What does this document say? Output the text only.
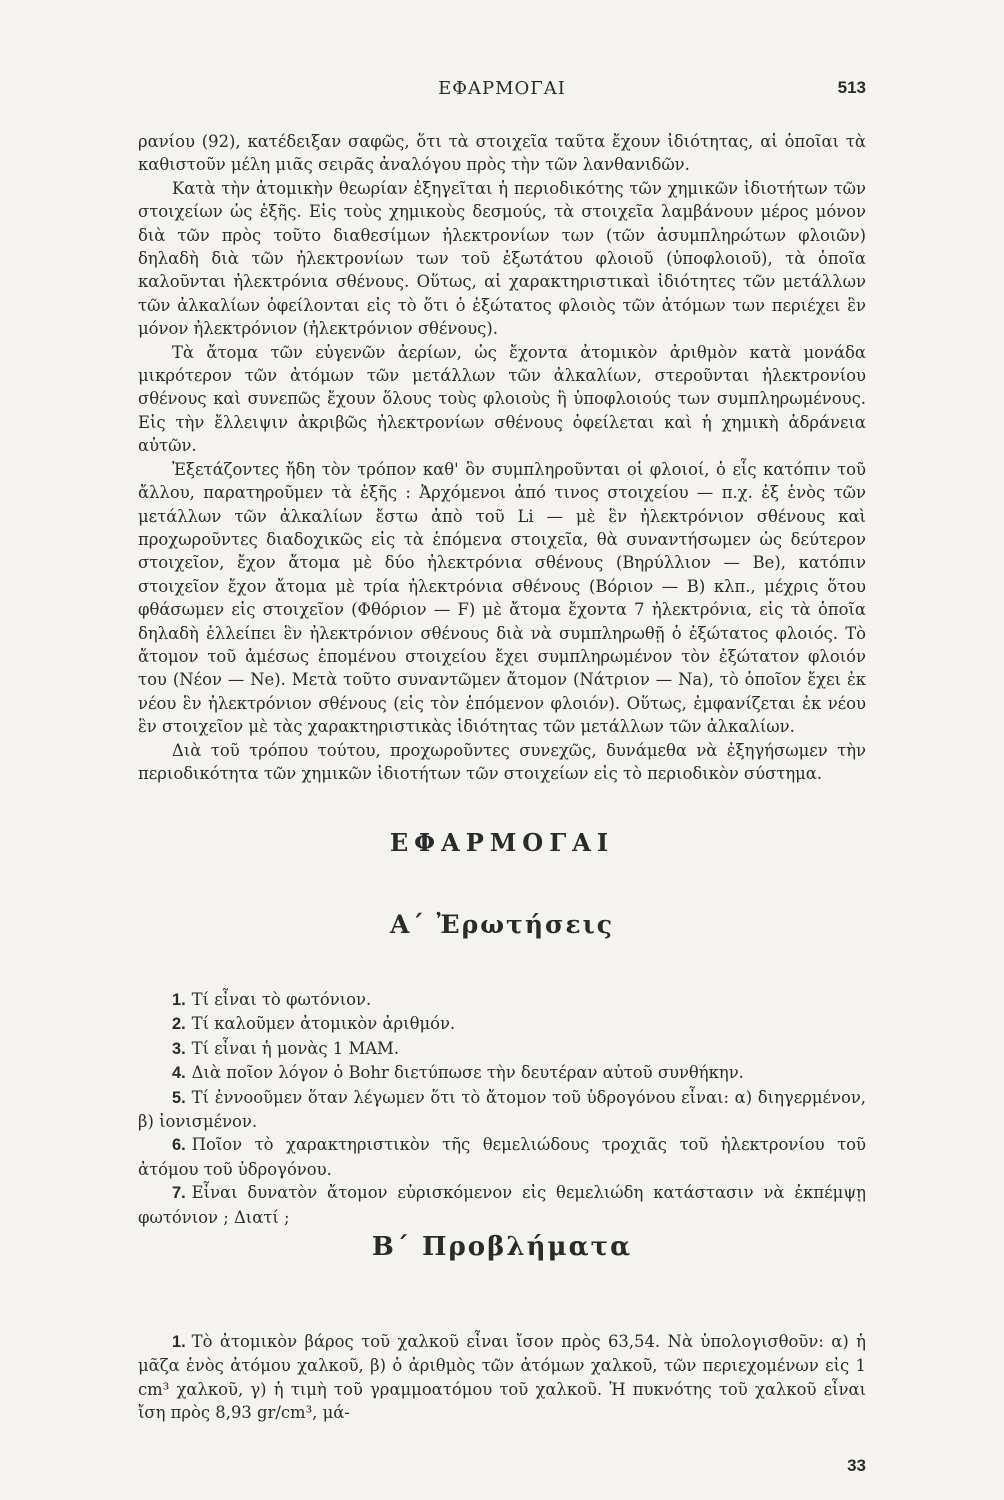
ΕΦΑΡΜΟΓΑΙ	513

ρανίου (92), κατέδειξαν σαφῶς, ὅτι τὰ στοιχεῖα ταῦτα ἔχουν ἰδιότητας, αἱ ὁποῖαι τὰ καθιστοῦν μέλη μιᾶς σειρᾶς ἀναλόγου πρὸς τὴν τῶν λανθανιδῶν.

Κατὰ τὴν ἀτομικὴν θεωρίαν ἐξηγεῖται ἡ περιοδικότης τῶν χημικῶν ἰδιοτήτων τῶν στοιχείων ὡς ἑξῆς. Εἰς τοὺς χημικοὺς δεσμούς, τὰ στοιχεῖα λαμβάνουν μέρος μόνον διὰ τῶν πρὸς τοῦτο διαθεσίμων ἠλεκτρονίων των (τῶν ἀσυμπληρώτων φλοιῶν) δηλαδὴ διὰ τῶν ἠλεκτρονίων των τοῦ ἐξωτάτου φλοιοῦ (ὑποφλοιοῦ), τὰ ὁποῖα καλοῦνται ἠλεκτρόνια σθένους. Οὕτως, αἱ χαρακτηριστικαὶ ἰδιότητες τῶν μετάλλων τῶν ἀλκαλίων ὀφείλονται εἰς τὸ ὅτι ὁ ἐξώτατος φλοιὸς τῶν ἀτόμων των περιέχει ἓν μόνον ἠλεκτρόνιον (ἠλεκτρόνιον σθένους).

Τὰ ἄτομα τῶν εὐγενῶν ἀερίων, ὡς ἔχοντα ἀτομικὸν ἀριθμὸν κατὰ μονάδα μικρότερον τῶν ἀτόμων τῶν μετάλλων τῶν ἀλκαλίων, στεροῦνται ἠλεκτρονίου σθένους καὶ συνεπῶς ἔχουν ὅλους τοὺς φλοιοὺς ἢ ὑποφλοιούς των συμπληρωμένους. Εἰς τὴν ἔλλειψιν ἀκριβῶς ἠλεκτρονίων σθένους ὀφείλεται καὶ ἡ χημικὴ ἀδράνεια αὐτῶν.

Ἐξετάζοντες ἤδη τὸν τρόπον καθ' ὃν συμπληροῦνται οἱ φλοιοί, ὁ εἷς κατόπιν τοῦ ἄλλου, παρατηροῦμεν τὰ ἑξῆς : Ἀρχόμενοι ἀπό τινος στοιχείου — π.χ. ἐξ ἑνὸς τῶν μετάλλων τῶν ἀλκαλίων ἔστω ἀπὸ τοῦ Li — μὲ ἓν ἠλεκτρόνιον σθένους καὶ προχωροῦντες διαδοχικῶς εἰς τὰ ἑπόμενα στοιχεῖα, θὰ συναντήσωμεν ὡς δεύτερον στοιχεῖον, ἔχον ἄτομα μὲ δύο ἠλεκτρόνια σθένους (Βηρύλλιον — Be), κατόπιν στοιχεῖον ἔχον ἄτομα μὲ τρία ἠλεκτρόνια σθένους (Βόριον — B) κλπ., μέχρις ὅτου φθάσωμεν εἰς στοιχεῖον (Φθόριον — F) μὲ ἄτομα ἔχοντα 7 ἠλεκτρόνια, εἰς τὰ ὁποῖα δηλαδὴ ἐλλείπει ἓν ἠλεκτρόνιον σθένους διὰ νὰ συμπληρωθῇ ὁ ἐξώτατος φλοιός. Τὸ ἄτομον τοῦ ἀμέσως ἑπομένου στοιχείου ἔχει συμπληρωμένον τὸν ἐξώτατον φλοιόν του (Νέον — Ne). Μετὰ τοῦτο συναντῶμεν ἄτομον (Νάτριον — Na), τὸ ὁποῖον ἔχει ἐκ νέου ἓν ἠλεκτρόνιον σθένους (εἰς τὸν ἑπόμενον φλοιόν). Οὕτως, ἐμφανίζεται ἐκ νέου ἓν στοιχεῖον μὲ τὰς χαρακτηριστικὰς ἰδιότητας τῶν μετάλλων τῶν ἀλκαλίων.

Διὰ τοῦ τρόπου τούτου, προχωροῦντες συνεχῶς, δυνάμεθα νὰ ἐξηγήσωμεν τὴν περιοδικότητα τῶν χημικῶν ἰδιοτήτων τῶν στοιχείων εἰς τὸ περιοδικὸν σύστημα.

ΕΦΑΡΜΟΓΑΙ
Α΄ Ἐρωτήσεις

1. Τί εἶναι τὸ φωτόνιον.

2. Τί καλοῦμεν ἀτομικὸν ἀριθμόν.

3. Τί εἶναι ἡ μονὰς 1 ΜΑΜ.

4. Διὰ ποῖον λόγον ὁ Bohr διετύπωσε τὴν δευτέραν αὐτοῦ συνθήκην.

5. Τί ἐννοοῦμεν ὅταν λέγωμεν ὅτι τὸ ἄτομον τοῦ ὑδρογόνου εἶναι: α) διηγερμένον, β) ἰονισμένον.

6. Ποῖον τὸ χαρακτηριστικὸν τῆς θεμελιώδους τροχιᾶς τοῦ ἠλεκτρονίου τοῦ ἀτόμου τοῦ ὑδρογόνου.

7. Εἶναι δυνατὸν ἄτομον εὑρισκόμενον εἰς θεμελιώδη κατάστασιν νὰ ἐκπέμψῃ φωτόνιον ; Διατί ;

Β΄ Προβλήματα

1. Τὸ ἀτομικὸν βάρος τοῦ χαλκοῦ εἶναι ἴσον πρὸς 63,54. Νὰ ὑπολογισθοῦν: α) ἡ μᾶζα ἑνὸς ἀτόμου χαλκοῦ, β) ὁ ἀριθμὸς τῶν ἀτόμων χαλκοῦ, τῶν περιεχομένων εἰς 1 cm³ χαλκοῦ, γ) ἡ τιμὴ τοῦ γραμμοατόμου τοῦ χαλκοῦ. Ἡ πυκνότης τοῦ χαλκοῦ εἶναι ἴση πρὸς 8,93 gr/cm³, μά-

33
